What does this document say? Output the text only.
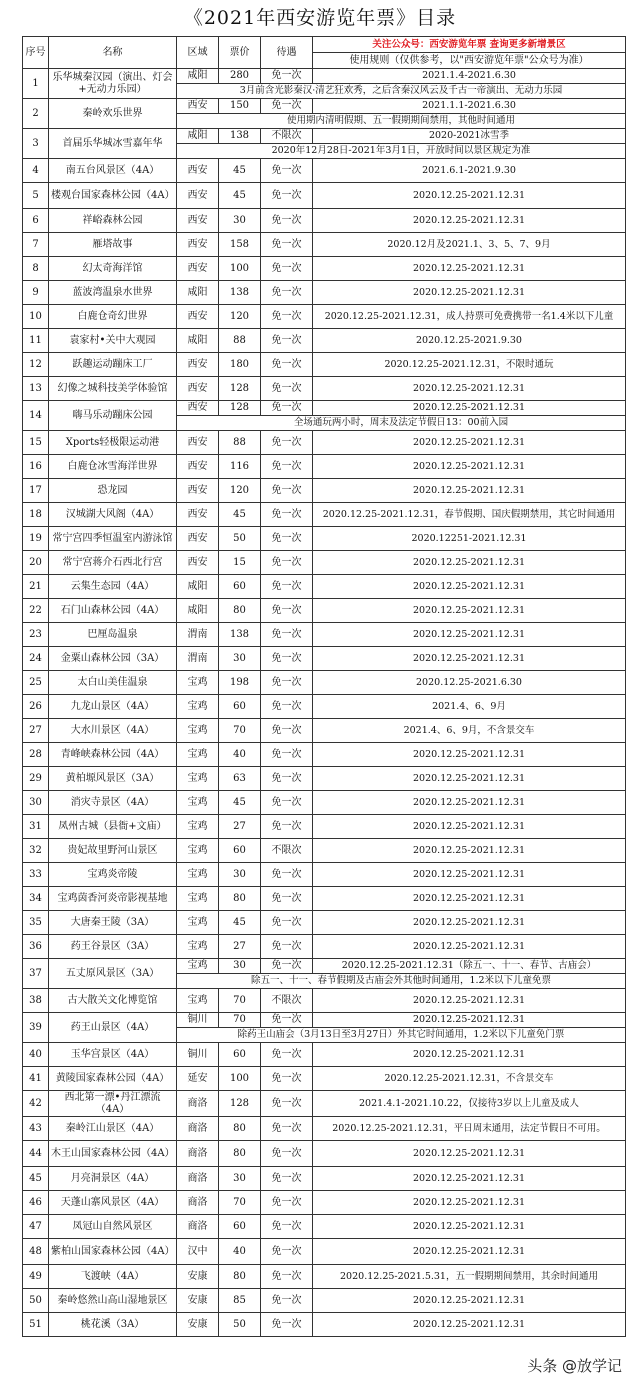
《2021年西安游览年票》目录
序号	名称	区域	票价	待遇	关注公众号：西安游览年票 查询更多新增景区
					使用规则（仅供参考，以"西安游览年票"公众号为准）
1	乐华城秦汉园（演出、灯会+无动力乐园）	咸阳	280	免一次	2021.1.4-2021.6.30
		3月前含光影秦汉·清艺狂欢秀，之后含秦汉风云及千古一帝演出、无动力乐园			
2	秦岭欢乐世界	西安	150	免一次	2021.1.1-2021.6.30
		使用期内清明假期、五一假期期间禁用，其他时间通用			
3	首届乐华城冰雪嘉年华	咸阳	138	不限次	2020-2021冰雪季
		2020年12月28日-2021年3月1日，开放时间以景区规定为准			
4	南五台风景区（4A）	西安	45	免一次	2021.6.1-2021.9.30
5	楼观台国家森林公园（4A）	西安	45	免一次	2020.12.25-2021.12.31
6	祥峪森林公园	西安	30	免一次	2020.12.25-2021.12.31
7	雁塔故事	西安	158	免一次	2020.12月及2021.1、3、5、7、9月
8	幻太奇海洋馆	西安	100	免一次	2020.12.25-2021.12.31
9	蓝波湾温泉水世界	咸阳	138	免一次	2020.12.25-2021.12.31
10	白鹿仓奇幻世界	西安	120	免一次	2020.12.25-2021.12.31，成人持票可免费携带一名1.4米以下儿童
11	袁家村•关中大观园	咸阳	88	免一次	2020.12.25-2021.9.30
12	跃趣运动蹦床工厂	西安	180	免一次	2020.12.25-2021.12.31，不限时通玩
13	幻像之城科技美学体验馆	西安	128	免一次	2020.12.25-2021.12.31
14	嗨马乐动蹦床公园	西安	128	免一次	2020.12.25-2021.12.31
		全场通玩两小时，周末及法定节假日13：00前入园			
15	Xports轻极限运动港	西安	88	免一次	2020.12.25-2021.12.31
16	白鹿仓冰雪海洋世界	西安	116	免一次	2020.12.25-2021.12.31
17	恐龙园	西安	120	免一次	2020.12.25-2021.12.31
18	汉城湖大风阁（4A）	西安	45	免一次	2020.12.25-2021.12.31，春节假期、国庆假期禁用，其它时间通用
19	常宁宫四季恒温室内游泳馆	西安	50	免一次	2020.12251-2021.12.31
20	常宁宫蒋介石西北行宫	西安	15	免一次	2020.12.25-2021.12.31
21	云集生态园（4A）	咸阳	60	免一次	2020.12.25-2021.12.31
22	石门山森林公园（4A）	咸阳	80	免一次	2020.12.25-2021.12.31
23	巴厘岛温泉	渭南	138	免一次	2020.12.25-2021.12.31
24	金粟山森林公园（3A）	渭南	30	免一次	2020.12.25-2021.12.31
25	太白山美佳温泉	宝鸡	198	免一次	2020.12.25-2021.6.30
26	九龙山景区（4A）	宝鸡	60	免一次	2021.4、6、9月
27	大水川景区（4A）	宝鸡	70	免一次	2021.4、6、9月，不含景交车
28	青峰峡森林公园（4A）	宝鸡	40	免一次	2020.12.25-2021.12.31
29	黄柏塬风景区（3A）	宝鸡	63	免一次	2020.12.25-2021.12.31
30	消灾寺景区（4A）	宝鸡	45	免一次	2020.12.25-2021.12.31
31	凤州古城（县衙+文庙）	宝鸡	27	免一次	2020.12.25-2021.12.31
32	贵妃故里野河山景区	宝鸡	60	不限次	2020.12.25-2021.12.31
33	宝鸡炎帝陵	宝鸡	30	免一次	2020.12.25-2021.12.31
34	宝鸡茵香河炎帝影视基地	宝鸡	80	免一次	2020.12.25-2021.12.31
35	大唐秦王陵（3A）	宝鸡	45	免一次	2020.12.25-2021.12.31
36	药王谷景区（3A）	宝鸡	27	免一次	2020.12.25-2021.12.31
37	五丈原风景区（3A）	宝鸡	30	免一次	2020.12.25-2021.12.31（除五一、十一、春节、古庙会）
		除五一、十一、春节假期及古庙会外其他时间通用，1.2米以下儿童免票			
38	古大散关文化博览馆	宝鸡	70	不限次	2020.12.25-2021.12.31
39	药王山景区（4A）	铜川	70	免一次	2020.12.25-2021.12.31
		除药王山庙会（3月13日至3月27日）外其它时间通用，1.2米以下儿童免门票			
40	玉华宫景区（4A）	铜川	60	免一次	2020.12.25-2021.12.31
41	黄陵国家森林公园（4A）	延安	100	免一次	2020.12.25-2021.12.31，不含景交车
42	西北第一漂•丹江漂流（4A）	商洛	128	免一次	2021.4.1-2021.10.22，仅接待3岁以上儿童及成人
43	秦岭江山景区（4A）	商洛	80	免一次	2020.12.25-2021.12.31，平日周末通用，法定节假日不可用。
44	木王山国家森林公园（4A）	商洛	80	免一次	2020.12.25-2021.12.31
45	月亮洞景区（4A）	商洛	30	免一次	2020.12.25-2021.12.31
46	天蓬山寨风景区（4A）	商洛	70	免一次	2020.12.25-2021.12.31
47	凤冠山自然风景区	商洛	60	免一次	2020.12.25-2021.12.31
48	紫柏山国家森林公园（4A）	汉中	40	免一次	2020.12.25-2021.12.31
49	飞渡峡（4A）	安康	80	免一次	2020.12.25-2021.5.31，五一假期期间禁用，其余时间通用
50	秦岭悠然山高山湿地景区	安康	85	免一次	2020.12.25-2021.12.31
51	桃花溪（3A）	安康	50	免一次	2020.12.25-2021.12.31
头条 @放学记
